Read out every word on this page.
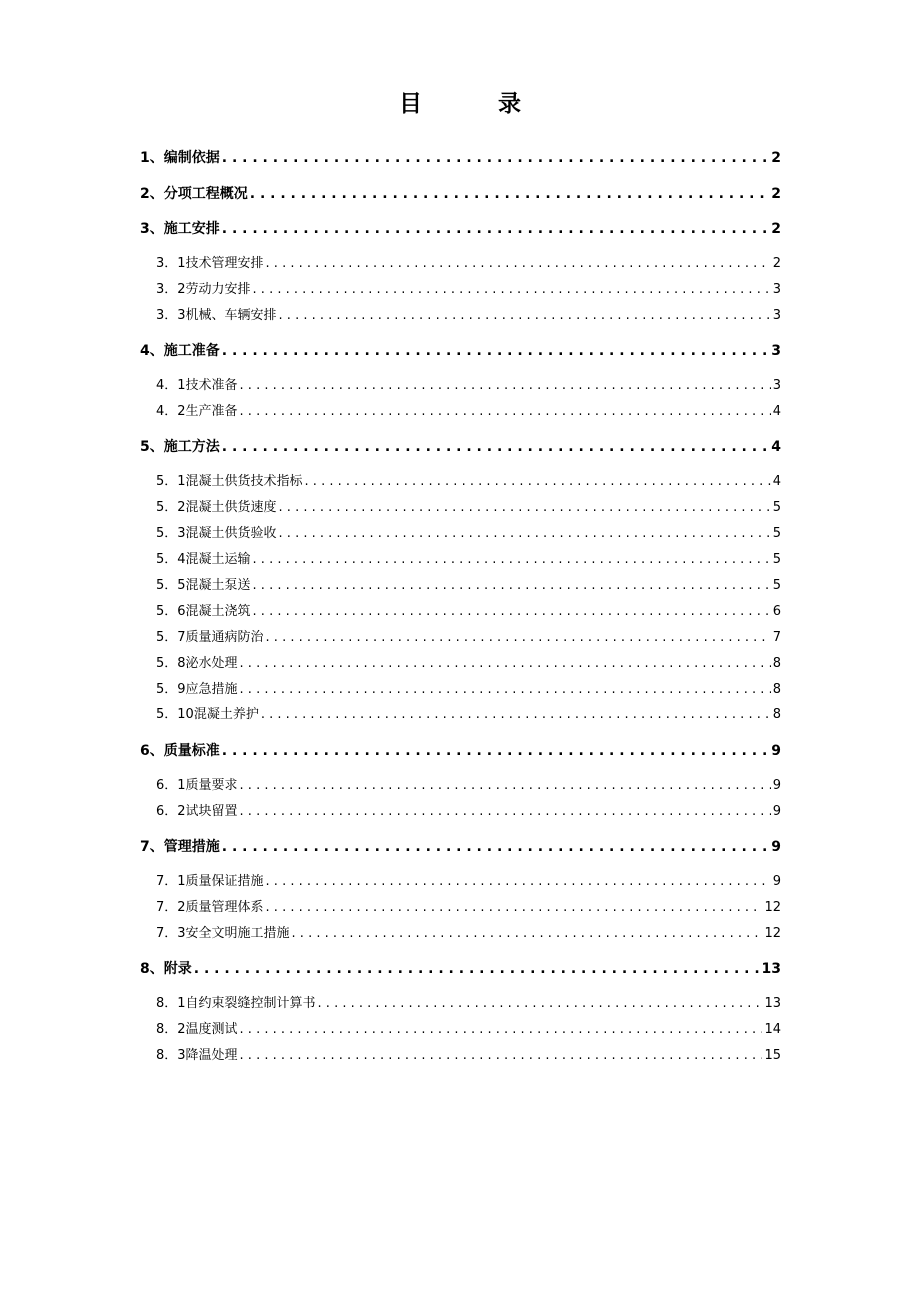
目 录
1、编制依据 . . .	2
2、分项工程概况 . . .	2
3、施工安排 . . .	2
3．1技术管理安排 . . .	2
3．2劳动力安排 . . .	3
3．3机械、车辆安排 . . .	3
4、施工准备 . . .	3
4．1技术准备 . . .	3
4．2生产准备 . . .	4
5、施工方法 . . .	4
5．1混凝土供货技术指标 . . .	4
5．2混凝土供货速度 . . .	5
5．3混凝土供货验收 . . .	5
5．4混凝土运输 . . .	5
5．5混凝土泵送 . . .	5
5．6混凝土浇筑 . . .	6
5．7质量通病防治 . . .	7
5．8泌水处理 . . .	8
5．9应急措施 . . .	8
5．10混凝土养护 . . .	8
6、质量标准 . . .	9
6．1质量要求 . . .	9
6．2试块留置 . . .	9
7、管理措施 . . .	9
7．1质量保证措施 . . .	9
7．2质量管理体系 . . .	12
7．3安全文明施工措施 . . .	12
8、附录 . . .	13
8．1自约束裂缝控制计算书 . . .	13
8．2温度测试 . . .	14
8．3降温处理 . . .	15
